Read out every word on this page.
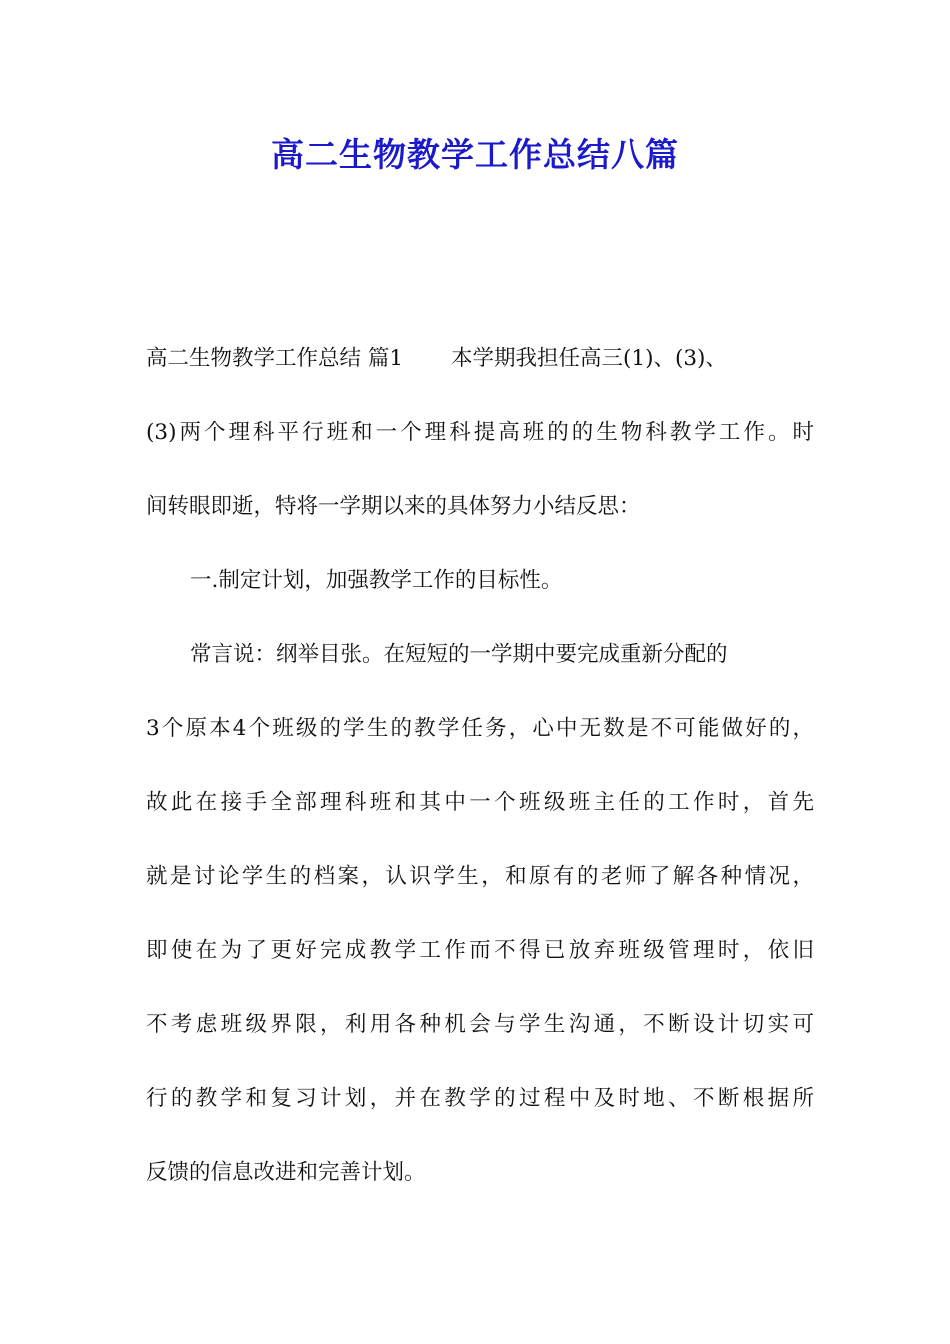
高二生物教学工作总结八篇
高二生物教学工作总结 篇1 本学期我担任高三(1)、(3)、
(3)两个理科平行班和一个理科提高班的的生物科教学工作。时
间转眼即逝，特将一学期以来的具体努力小结反思：
一.制定计划，加强教学工作的目标性。
常言说：纲举目张。在短短的一学期中要完成重新分配的
3个原本4个班级的学生的教学任务，心中无数是不可能做好的，
故此在接手全部理科班和其中一个班级班主任的工作时，首先
就是讨论学生的档案，认识学生，和原有的老师了解各种情况，
即使在为了更好完成教学工作而不得已放弃班级管理时，依旧
不考虑班级界限，利用各种机会与学生沟通，不断设计切实可
行的教学和复习计划，并在教学的过程中及时地、不断根据所
反馈的信息改进和完善计划。
